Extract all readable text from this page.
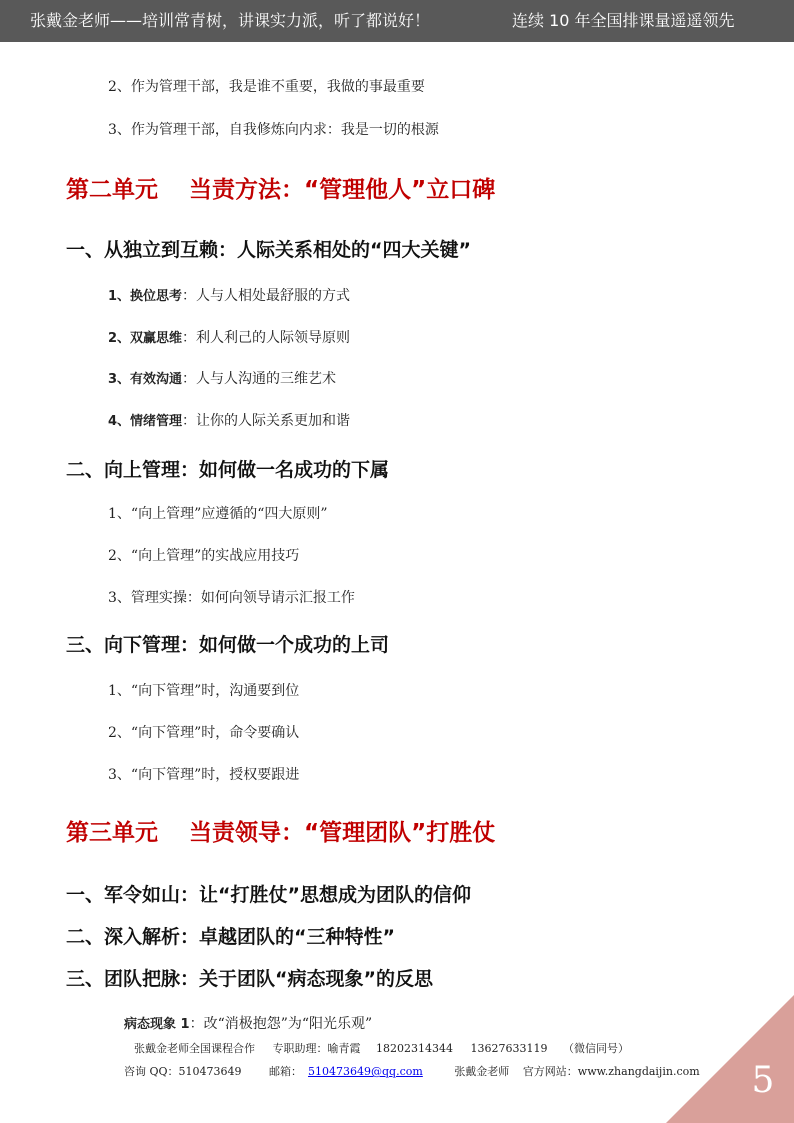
张戴金老师——培训常青树，讲课实力派，听了都说好！	连续 10 年全国排课量遥遥领先
2、作为管理干部，我是谁不重要，我做的事最重要
3、作为管理干部，自我修炼向内求：我是一切的根源
第二单元　 当责方法：“管理他人”立口碑
一、从独立到互赖：人际关系相处的“四大关键”
1、换位思考：人与人相处最舒服的方式
2、双赢思维：利人利己的人际领导原则
3、有效沟通：人与人沟通的三维艺术
4、情绪管理：让你的人际关系更加和谐
二、向上管理：如何做一名成功的下属
1、“向上管理”应遵循的“四大原则”
2、“向上管理”的实战应用技巧
3、管理实操：如何向领导请示汇报工作
三、向下管理：如何做一个成功的上司
1、“向下管理”时，沟通要到位
2、“向下管理”时，命令要确认
3、“向下管理”时，授权要跟进
第三单元　 当责领导：“管理团队”打胜仗
一、军令如山：让“打胜仗”思想成为团队的信仰
二、深入解析：卓越团队的“三种特性”
三、团队把脉：关于团队“病态现象”的反思
病态现象 1：改“消极抱怨”为“阳光乐观”
张戴金老师全国课程合作 专职助理：喻青霞 18202314344 13627633119 （微信同号）
咨询 QQ：510473649	邮箱： 510473649@qq.com	张戴金老师 官方网站：www.zhangdaijin.com 5
